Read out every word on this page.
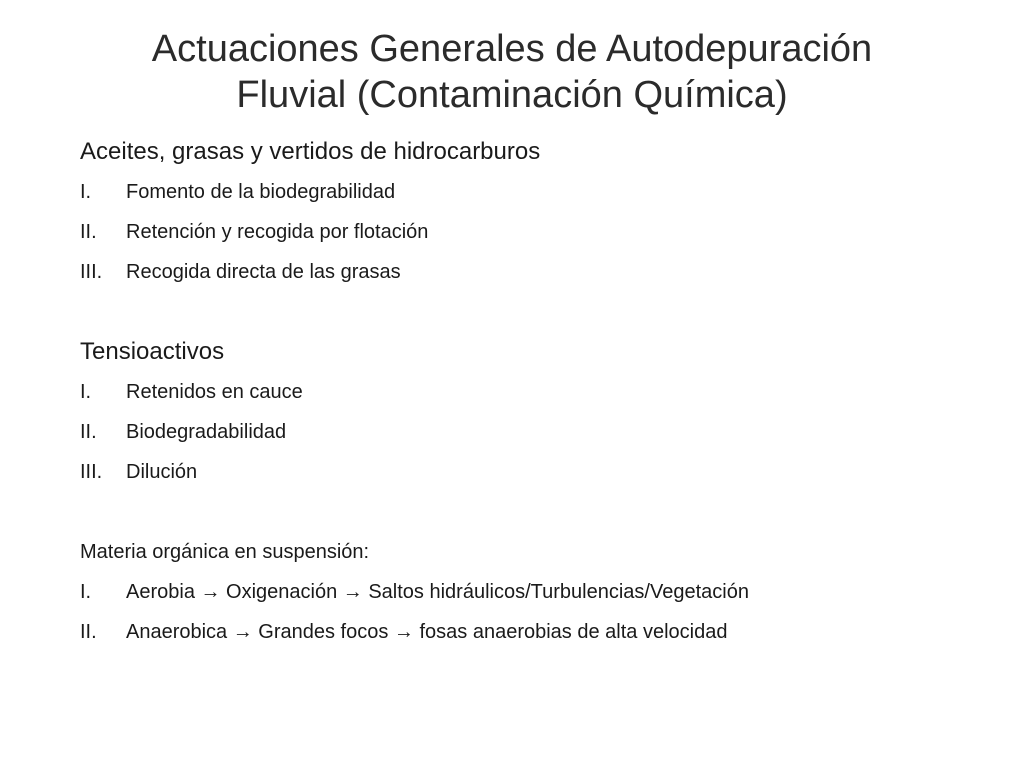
Actuaciones Generales de Autodepuración
Fluvial (Contaminación Química)
Aceites, grasas y vertidos de hidrocarburos
I. Fomento de la biodegrabilidad
II. Retención y recogida por flotación
III. Recogida directa de las grasas
Tensioactivos
I. Retenidos en cauce
II. Biodegradabilidad
III. Dilución
Materia orgánica en suspensión:
I. Aerobia → Oxigenación → Saltos hidráulicos/Turbulencias/Vegetación
II. Anaerobica → Grandes focos → fosas anaerobias de alta velocidad
